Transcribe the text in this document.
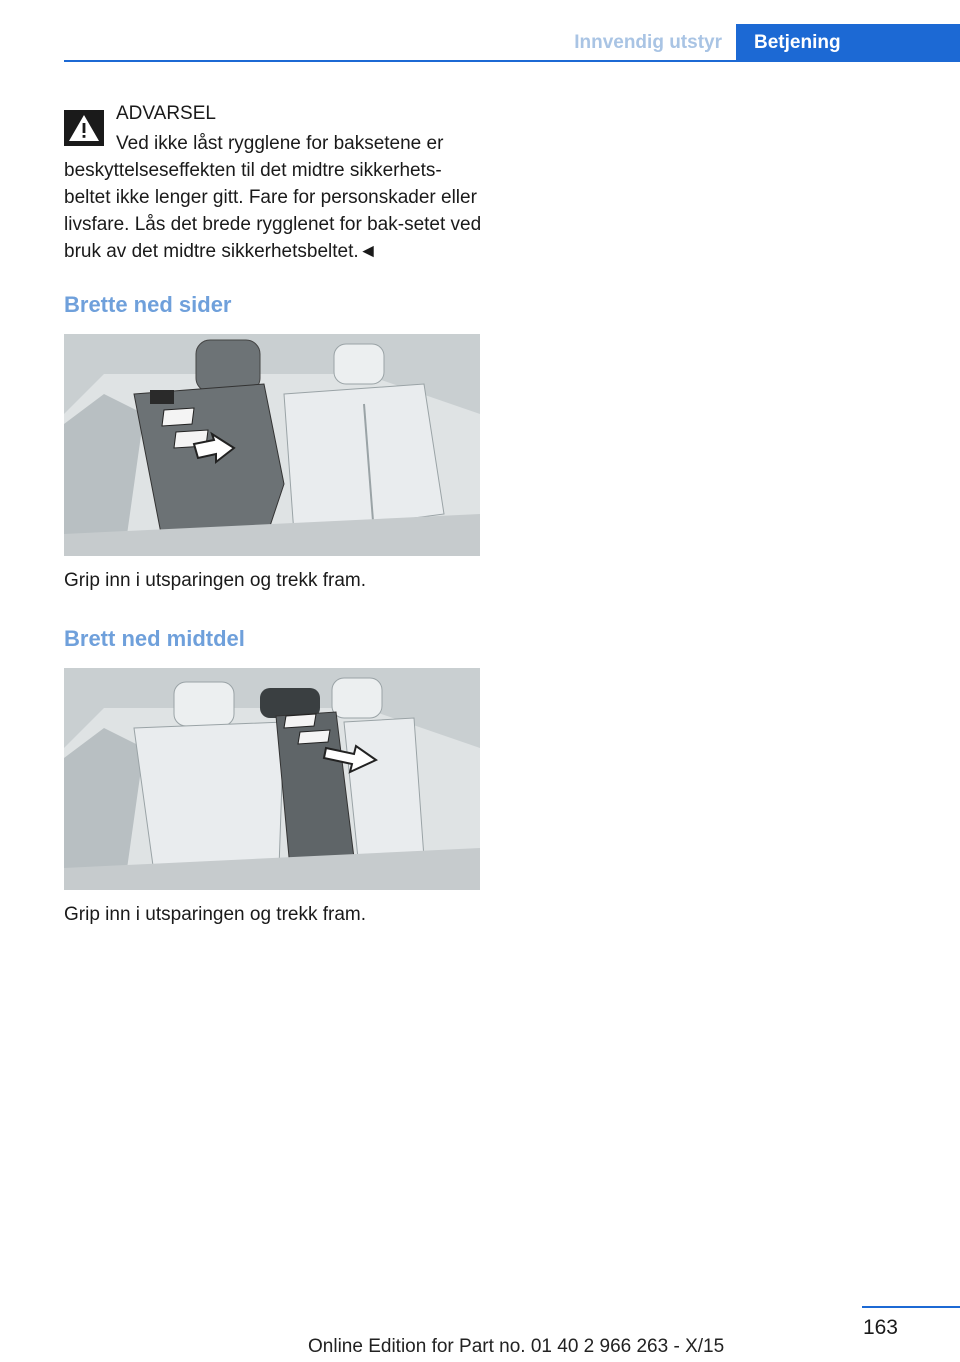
Innvendig utstyr	Betjening
ADVARSEL

Ved ikke låst rygglene for baksetene er beskyttelseseffekten til det midtre sikkerhets-beltet ikke lenger gitt. Fare for personskader eller livsfare. Lås det brede rygglenet for bak-setet ved bruk av det midtre sikkerhetsbeltet.◄

Brette ned sider
Grip inn i utsparingen og trekk fram.
Brett ned midtdel
Grip inn i utsparingen og trekk fram.
163
Online Edition for Part no. 01 40 2 966 263 - X/15
